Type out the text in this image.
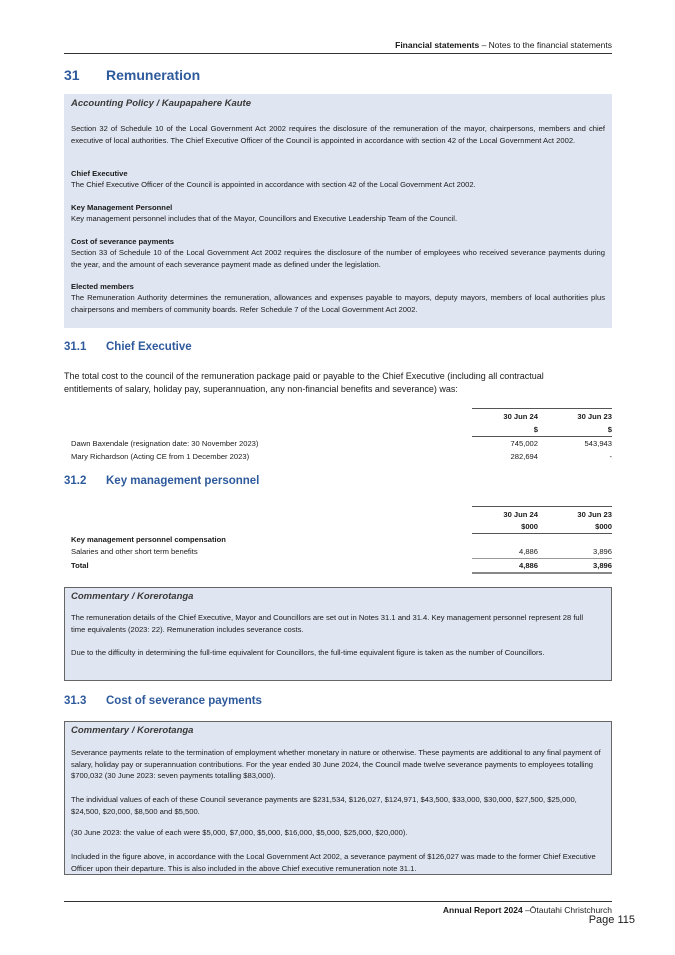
Financial statements – Notes to the financial statements
31 Remuneration
Accounting Policy / Kaupapahere Kaute
Section 32 of Schedule 10 of the Local Government Act 2002 requires the disclosure of the remuneration of the mayor, chairpersons, members and chief executive of local authorities. The Chief Executive Officer of the Council is appointed in accordance with section 42 of the Local Government Act 2002.
Chief Executive
The Chief Executive Officer of the Council is appointed in accordance with section 42 of the Local Government Act 2002.
Key Management Personnel
Key management personnel includes that of the Mayor, Councillors and Executive Leadership Team of the Council.
Cost of severance payments
Section 33 of Schedule 10 of the Local Government Act 2002 requires the disclosure of the number of employees who received severance payments during the year, and the amount of each severance payment made as defined under the legislation.
Elected members
The Remuneration Authority determines the remuneration, allowances and expenses payable to mayors, deputy mayors, members of local authorities plus chairpersons and members of community boards. Refer Schedule 7 of the Local Government Act 2002.
31.1 Chief Executive
The total cost to the council of the remuneration package paid or payable to the Chief Executive (including all contractual entitlements of salary, holiday pay, superannuation, any non-financial benefits and severance) was:
30 Jun 24	30 Jun 23
$	$
Dawn Baxendale (resignation date: 30 November 2023)	745,002	543,943
Mary Richardson (Acting CE from 1 December 2023)	282,694	-
31.2 Key management personnel
30 Jun 24	30 Jun 23
$000	$000
Key management personnel compensation
Salaries and other short term benefits	4,886	3,896
Total	4,886	3,896
Commentary / Korerotanga
The remuneration details of the Chief Executive, Mayor and Councillors are set out in Notes 31.1 and 31.4. Key management personnel represent 28 full time equivalents (2023: 22). Remuneration includes severance costs.
Due to the difficulty in determining the full-time equivalent for Councillors, the full-time equivalent figure is taken as the number of Councillors.
31.3 Cost of severance payments
Commentary / Korerotanga
Severance payments relate to the termination of employment whether monetary in nature or otherwise. These payments are additional to any final payment of salary, holiday pay or superannuation contributions. For the year ended 30 June 2024, the Council made twelve severance payments to employees totalling $700,032 (30 June 2023: seven payments totalling $83,000).
The individual values of each of these Council severance payments are $231,534, $126,027, $124,971, $43,500, $33,000, $30,000, $27,500, $25,000, $24,500, $20,000, $8,500 and $5,500.
(30 June 2023: the value of each were $5,000, $7,000, $5,000, $16,000, $5,000, $25,000, $20,000).
Included in the figure above, in accordance with the Local Government Act 2002, a severance payment of $126,027 was made to the former Chief Executive Officer upon their departure. This is also included in the above Chief executive remuneration note 31.1.
Annual Report 2024 –Ōtautahi Christchurch
Page 115
